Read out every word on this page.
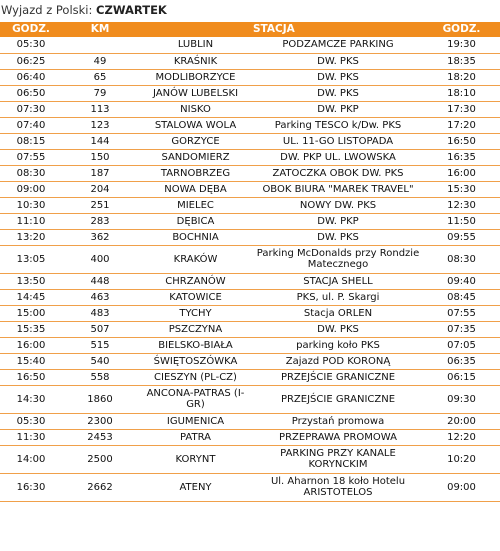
Wyjazd z Polski: CZWARTEK
GODZ.	KM		STACJA	GODZ.
05:30		LUBLIN	PODZAMCZE PARKING	19:30
06:25	49	KRAŚNIK	DW. PKS	18:35
06:40	65	MODLIBORZYCE	DW. PKS	18:20
06:50	79	JANÓW LUBELSKI	DW. PKS	18:10
07:30	113	NISKO	DW. PKP	17:30
07:40	123	STALOWA WOLA	Parking TESCO k/Dw. PKS	17:20
08:15	144	GORZYCE	UL. 11-GO LISTOPADA	16:50
07:55	150	SANDOMIERZ	DW. PKP UL. LWOWSKA	16:35
08:30	187	TARNOBRZEG	ZATOCZKA OBOK DW. PKS	16:00
09:00	204	NOWA DĘBA	OBOK BIURA "MAREK TRAVEL"	15:30
10:30	251	MIELEC	NOWY DW. PKS	12:30
11:10	283	DĘBICA	DW. PKP	11:50
13:20	362	BOCHNIA	DW. PKS	09:55
13:05	400	KRAKÓW	Parking McDonalds przy Rondzie Matecznego	08:30
13:50	448	CHRZANÓW	STACJA SHELL	09:40
14:45	463	KATOWICE	PKS, ul. P. Skargi	08:45
15:00	483	TYCHY	Stacja ORLEN	07:55
15:35	507	PSZCZYNA	DW. PKS	07:35
16:00	515	BIELSKO-BIAŁA	parking koło PKS	07:05
15:40	540	ŚWIĘTOSZÓWKA	Zajazd POD KORONĄ	06:35
16:50	558	CIESZYN (PL-CZ)	PRZEJŚCIE GRANICZNE	06:15
14:30	1860	ANCONA-PATRAS (I-GR)	PRZEJŚCIE GRANICZNE	09:30
05:30	2300	IGUMENICA	Przystań promowa	20:00
11:30	2453	PATRA	PRZEPRAWA PROMOWA	12:20
14:00	2500	KORYNT	PARKING PRZY KANALE KORYNCKIM	10:20
16:30	2662	ATENY	Ul. Aharnon 18 koło Hotelu ARISTOTELOS	09:00
